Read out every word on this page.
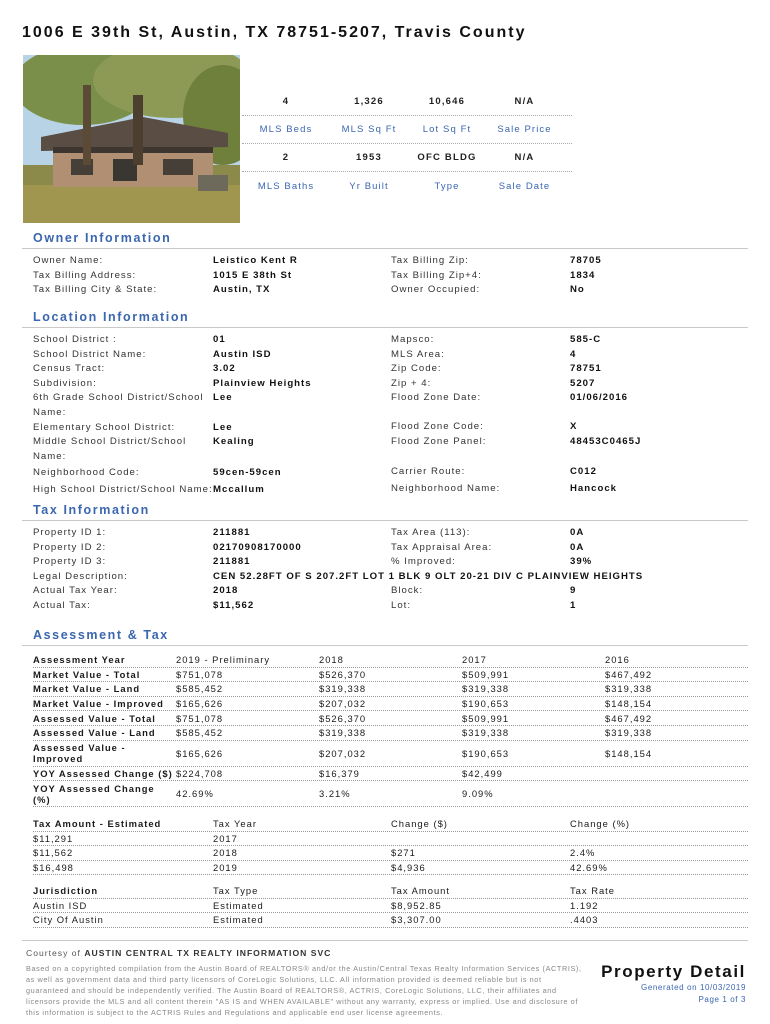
1006 E 39th St, Austin, TX 78751-5207, Travis County
4	1,326	10,646	N/A
MLS Beds	MLS Sq Ft	Lot Sq Ft	Sale Price
2	1953	OFC BLDG	N/A
MLS Baths	Yr Built	Type	Sale Date
Owner Information
Owner Name:	Leistico Kent R
Tax Billing Address:	1015 E 38th St
Tax Billing City & State:	Austin, TX
Tax Billing Zip:	78705
Tax Billing Zip+4:	1834
Owner Occupied:	No
Location Information
School District :	01
School District Name:	Austin ISD
Census Tract:	3.02
Subdivision:	Plainview Heights
6th Grade School District/School Name:
Lee
Elementary School District:	Lee
Middle School District/School Name:
Kealing
Neighborhood Code:	59cen-59cen
High School District/School Name: Mccallum
Mapsco:	585-C
MLS Area:	4
Zip Code:	78751
Zip + 4:	5207
Flood Zone Date:	01/06/2016
Flood Zone Code:	X
Flood Zone Panel:	48453C0465J
Carrier Route:	C012
Neighborhood Name:	Hancock
Tax Information
Property ID 1:	211881
Property ID 2:	02170908170000
Property ID 3:	211881
Legal Description:	CEN 52.28FT OF S 207.2FT LOT 1 BLK 9 OLT 20-21 DIV C PLAINVIEW HEIGHTS
Actual Tax Year:	2018
Actual Tax:	$11,562
Tax Area (113):	0A
Tax Appraisal Area:	0A
% Improved:	39%
Block:	9
Lot:	1
Assessment & Tax
Assessment Year	2019 - Preliminary	2018	2017	2016
Market Value - Total	$751,078	$526,370	$509,991	$467,492
Market Value - Land	$585,452	$319,338	$319,338	$319,338
Market Value - Improved	$165,626	$207,032	$190,653	$148,154
Assessed Value - Total	$751,078	$526,370	$509,991	$467,492
Assessed Value - Land	$585,452	$319,338	$319,338	$319,338
Assessed Value - Improved	$165,626	$207,032	$190,653	$148,154
YOY Assessed Change ($) $224,708	$16,379	$42,499
YOY Assessed Change (%)	42.69%	3.21%	9.09%
Tax Amount - Estimated	Tax Year	Change ($)	Change (%)
$11,291	2017
$11,562	2018	$271	2.4%
$16,498	2019	$4,936	42.69%
Jurisdiction	Tax Type	Tax Amount	Tax Rate
Austin ISD	Estimated	$8,952.85	1.192
City Of Austin	Estimated	$3,307.00	.4403
Courtesy of AUSTIN CENTRAL TX REALTY INFORMATION SVC
Based on a copyrighted compilation from the Austin Board of REALTORS® and/or the Austin/Central Texas Realty Information Services (ACTRIS), as well as government data and third party licensors of CoreLogic Solutions, LLC. All information provided is deemed reliable but is not guaranteed and should be independently verified. The Austin Board of REALTORS®, ACTRIS, CoreLogic Solutions, LLC, their affiliates and licensors provide the MLS and all content therein "AS IS and WHEN AVAILABLE" without any warranty, express or implied. Use and disclosure of this information is subject to the ACTRIS Rules and Regulations and applicable end user license agreements.
Property Detail
Generated on 10/03/2019
Page 1 of 3
